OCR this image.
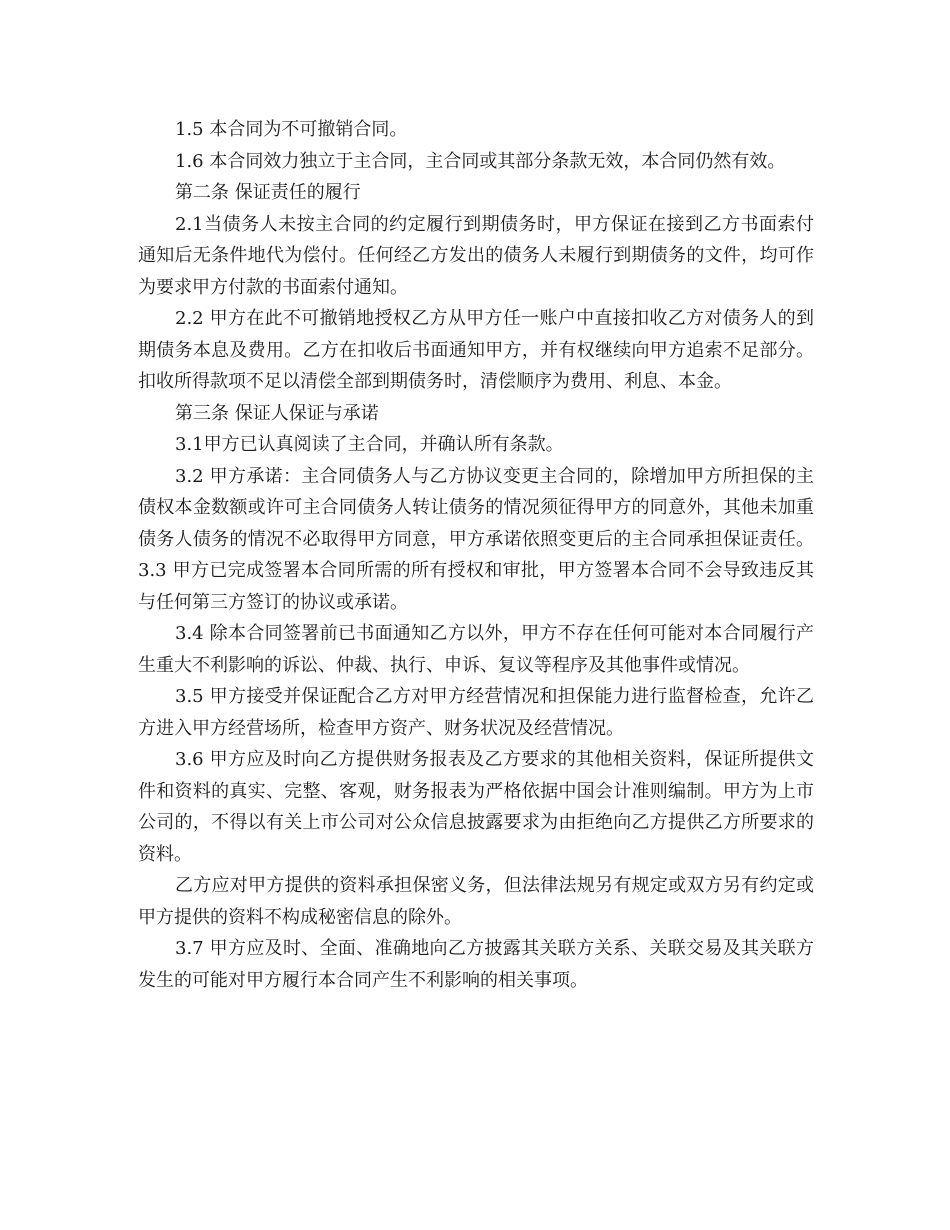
1.5 本合同为不可撤销合同。

1.6 本合同效力独立于主合同，主合同或其部分条款无效，本合同仍然有效。

第二条 保证责任的履行

2.1当债务人未按主合同的约定履行到期债务时，甲方保证在接到乙方书面索付通知后无条件地代为偿付。任何经乙方发出的债务人未履行到期债务的文件，均可作为要求甲方付款的书面索付通知。

2.2 甲方在此不可撤销地授权乙方从甲方任一账户中直接扣收乙方对债务人的到期债务本息及费用。乙方在扣收后书面通知甲方，并有权继续向甲方追索不足部分。扣收所得款项不足以清偿全部到期债务时，清偿顺序为费用、利息、本金。

第三条 保证人保证与承诺

3.1甲方已认真阅读了主合同，并确认所有条款。

3.2 甲方承诺：主合同债务人与乙方协议变更主合同的，除增加甲方所担保的主债权本金数额或许可主合同债务人转让债务的情况须征得甲方的同意外，其他未加重债务人债务的情况不必取得甲方同意，甲方承诺依照变更后的主合同承担保证责任。3.3 甲方已完成签署本合同所需的所有授权和审批，甲方签署本合同不会导致违反其与任何第三方签订的协议或承诺。

3.4 除本合同签署前已书面通知乙方以外，甲方不存在任何可能对本合同履行产生重大不利影响的诉讼、仲裁、执行、申诉、复议等程序及其他事件或情况。

3.5 甲方接受并保证配合乙方对甲方经营情况和担保能力进行监督检查，允许乙方进入甲方经营场所，检查甲方资产、财务状况及经营情况。

3.6 甲方应及时向乙方提供财务报表及乙方要求的其他相关资料，保证所提供文件和资料的真实、完整、客观，财务报表为严格依据中国会计准则编制。甲方为上市公司的，不得以有关上市公司对公众信息披露要求为由拒绝向乙方提供乙方所要求的资料。

乙方应对甲方提供的资料承担保密义务，但法律法规另有规定或双方另有约定或甲方提供的资料不构成秘密信息的除外。

3.7 甲方应及时、全面、准确地向乙方披露其关联方关系、关联交易及其关联方发生的可能对甲方履行本合同产生不利影响的相关事项。
